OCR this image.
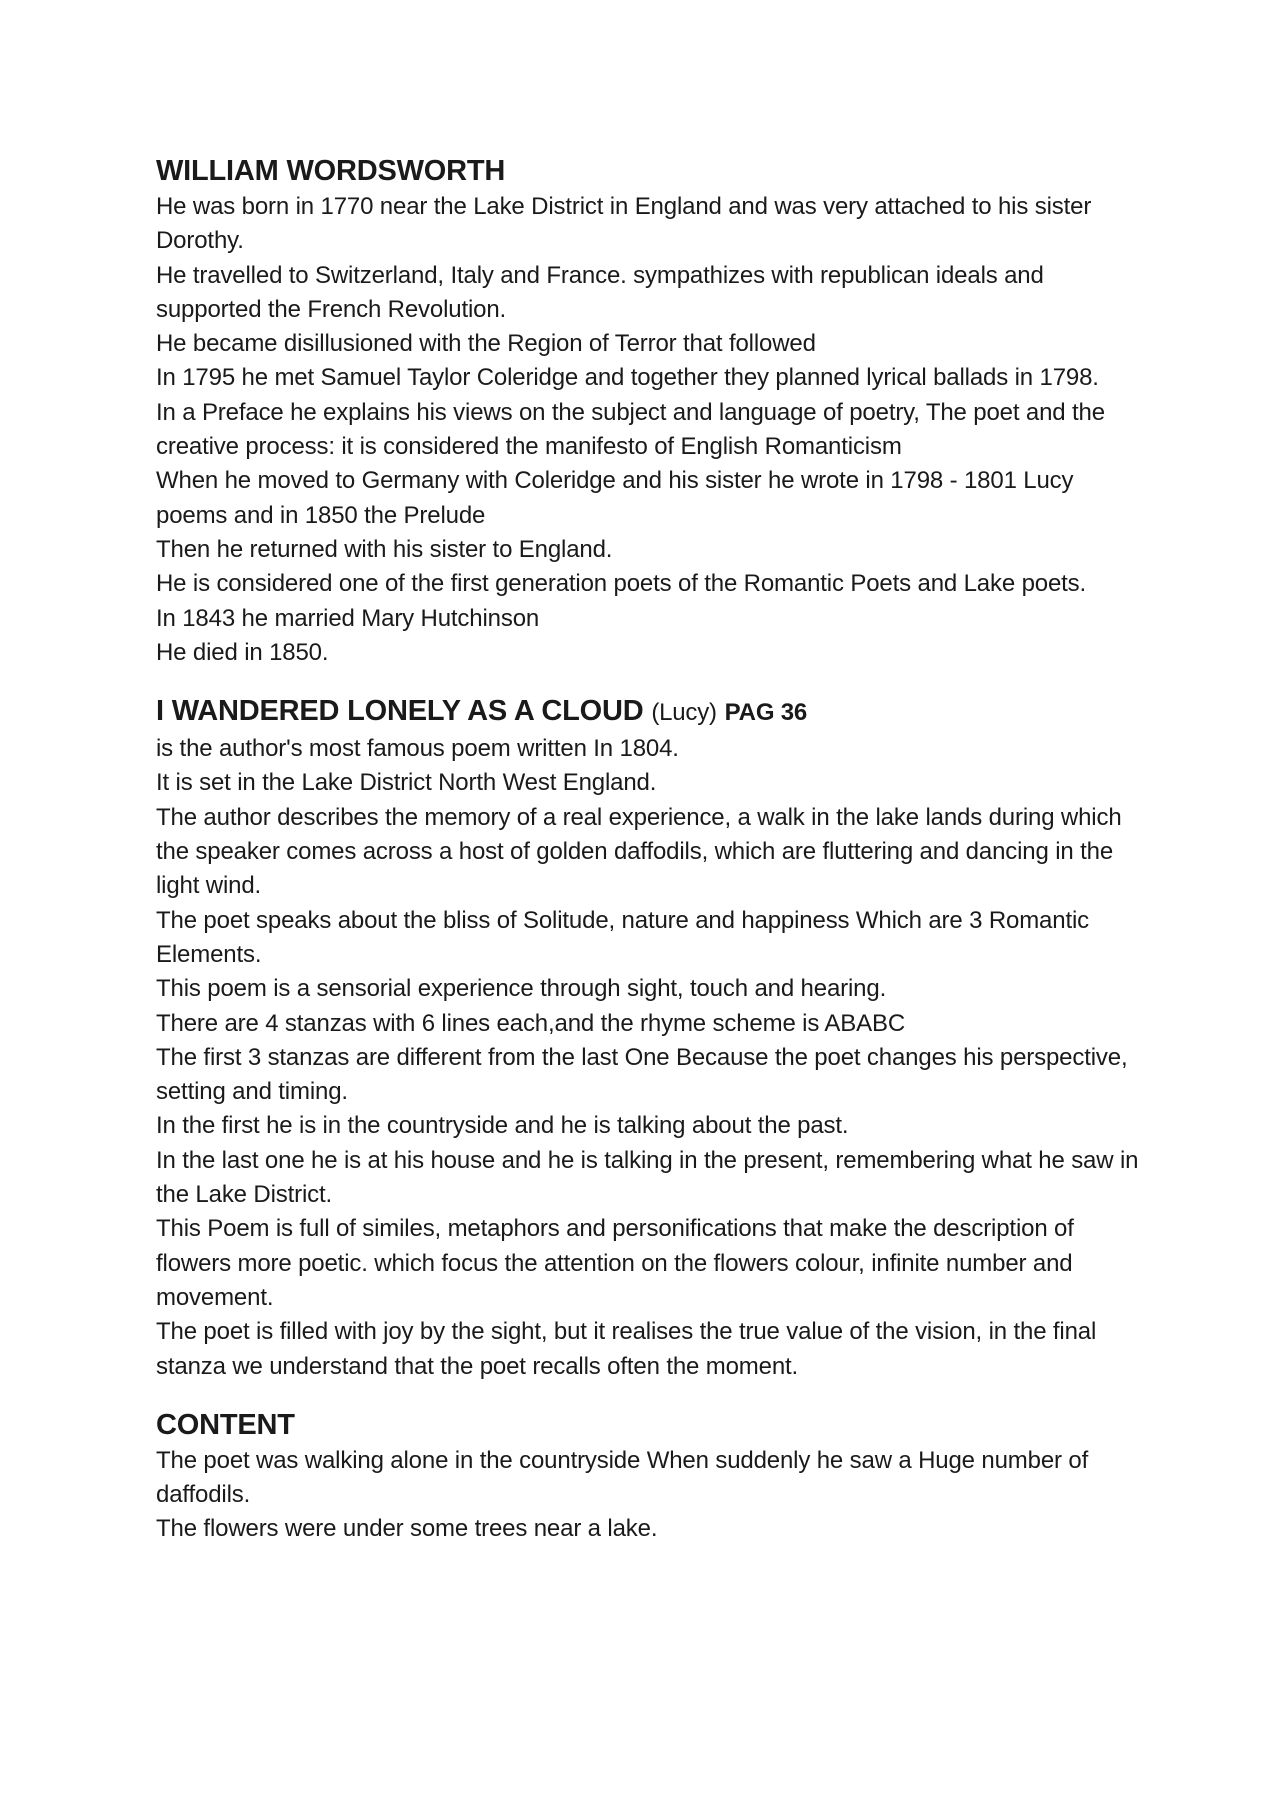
WILLIAM WORDSWORTH

He was born in 1770 near the Lake District in England and was very attached to his sister Dorothy.

He travelled to Switzerland, Italy and France. sympathizes with republican ideals and supported the French Revolution.

He became disillusioned with the Region of Terror that followed

In 1795 he met Samuel Taylor Coleridge and together they planned lyrical ballads in 1798.

In a Preface he explains his views on the subject and language of poetry, The poet and the creative process: it is considered the manifesto of English Romanticism

When he moved to Germany with Coleridge and his sister he wrote in 1798 - 1801 Lucy poems and in 1850 the Prelude

Then he returned with his sister to England.

He is considered one of the first generation poets of the Romantic Poets and Lake poets.

In 1843 he married Mary Hutchinson

He died in 1850.

I WANDERED LONELY AS A CLOUD (Lucy) PAG 36

is the author's most famous poem written In 1804.

It is set in the Lake District North West England.

The author describes the memory of a real experience, a walk in the lake lands during which the speaker comes across a host of golden daffodils, which are fluttering and dancing in the light wind.

The poet speaks about the bliss of Solitude, nature and happiness Which are 3 Romantic Elements.

This poem is a sensorial experience through sight, touch and hearing.

There are 4 stanzas with 6 lines each,and the rhyme scheme is ABABC

The first 3 stanzas are different from the last One Because the poet changes his perspective, setting and timing.

In the first he is in the countryside and he is talking about the past.

In the last one he is at his house and he is talking in the present, remembering what he saw in the Lake District.

This Poem is full of similes, metaphors and personifications that make the description of flowers more poetic. which focus the attention on the flowers colour, infinite number and movement.

The poet is filled with joy by the sight, but it realises the true value of the vision, in the final stanza we understand that the poet recalls often the moment.

CONTENT

The poet was walking alone in the countryside When suddenly he saw a Huge number of daffodils.

The flowers were under some trees near a lake.
